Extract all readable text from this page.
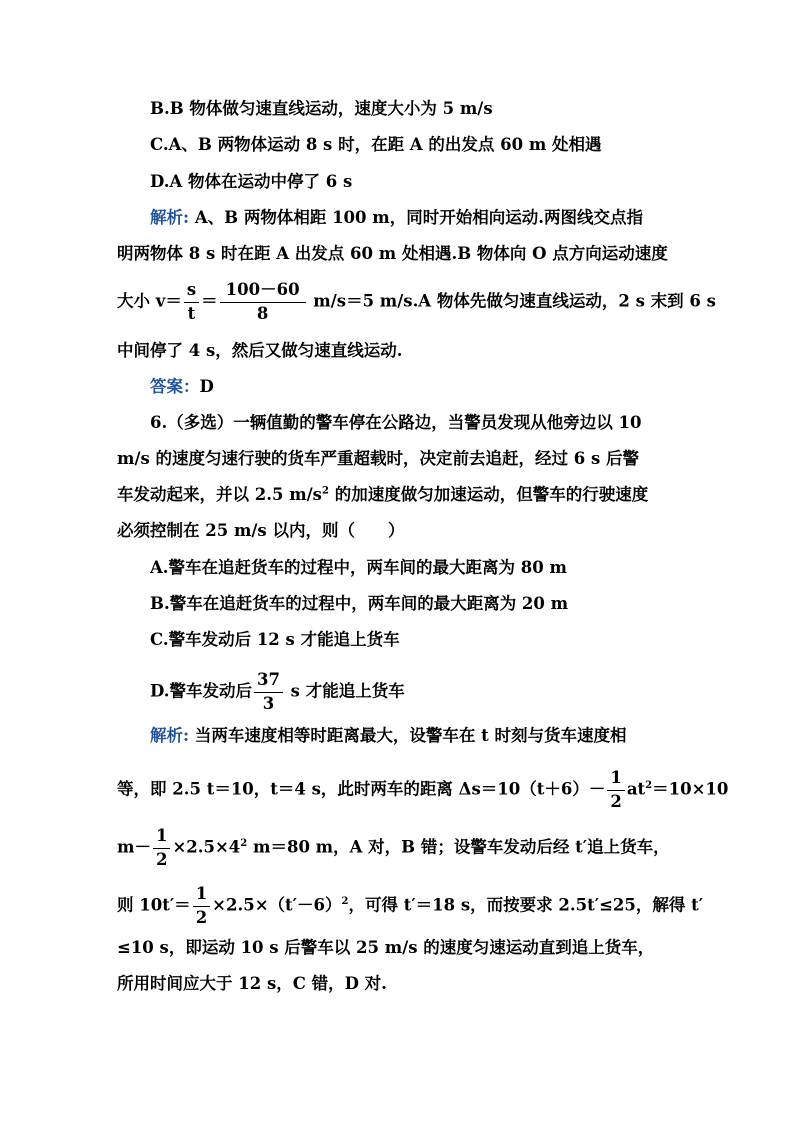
B.B 物体做匀速直线运动，速度大小为 5 m/s
C.A、B 两物体运动 8 s 时，在距 A 的出发点 60 m 处相遇
D.A 物体在运动中停了 6 s
解析: A、B 两物体相距 100 m，同时开始相向运动.两图线交点指
明两物体 8 s 时在距 A 出发点 60 m 处相遇.B 物体向 O 点方向运动速度
大小 $v= \frac{s}{t} = \frac{100-60}{8} m/s=5$ m/s.A 物体先做匀速直线运动，2 s 末到 6 s
中间停了 4 s，然后又做匀速直线运动.
答案：D
6.（多选）一辆值勤的警车停在公路边，当警员发现从他旁边以 10
m/s 的速度匀速行驶的货车严重超载时，决定前去追赶，经过 6 s 后警
车发动起来，并以 2.5 $m/s^2$ 的加速度做匀加速运动，但警车的行驶速度
必须控制在 25 m/s 以内，则（　　）
A.警车在追赶货车的过程中，两车间的最大距离为 80 m
B.警车在追赶货车的过程中，两车间的最大距离为 20 m
C.警车发动后 12 s 才能追上货车
D.警车发动后 $\frac{37}{3}$ s 才能追上货车
解析: 当两车速度相等时距离最大，设警车在 t 时刻与货车速度相
等，即 2.5 t＝10，t＝4 s，此时两车的距离 $\Delta s=10(t+6)- \frac{1}{2} at^2=10\times 10$
$m- \frac{1}{2} \times 2.5\times 4^2$ m＝80 m，A 对，B 错；设警车发动后经 t′追上货车，
则 $10t'= \frac{1}{2} \times 2.5\times(t'-6)^2$，可得 t′＝18 s，而按要求 2.5t′≤25，解得 t′
≤10 s，即运动 10 s 后警车以 25 m/s 的速度匀速运动直到追上货车，
所用时间应大于 12 s，C 错，D 对.
